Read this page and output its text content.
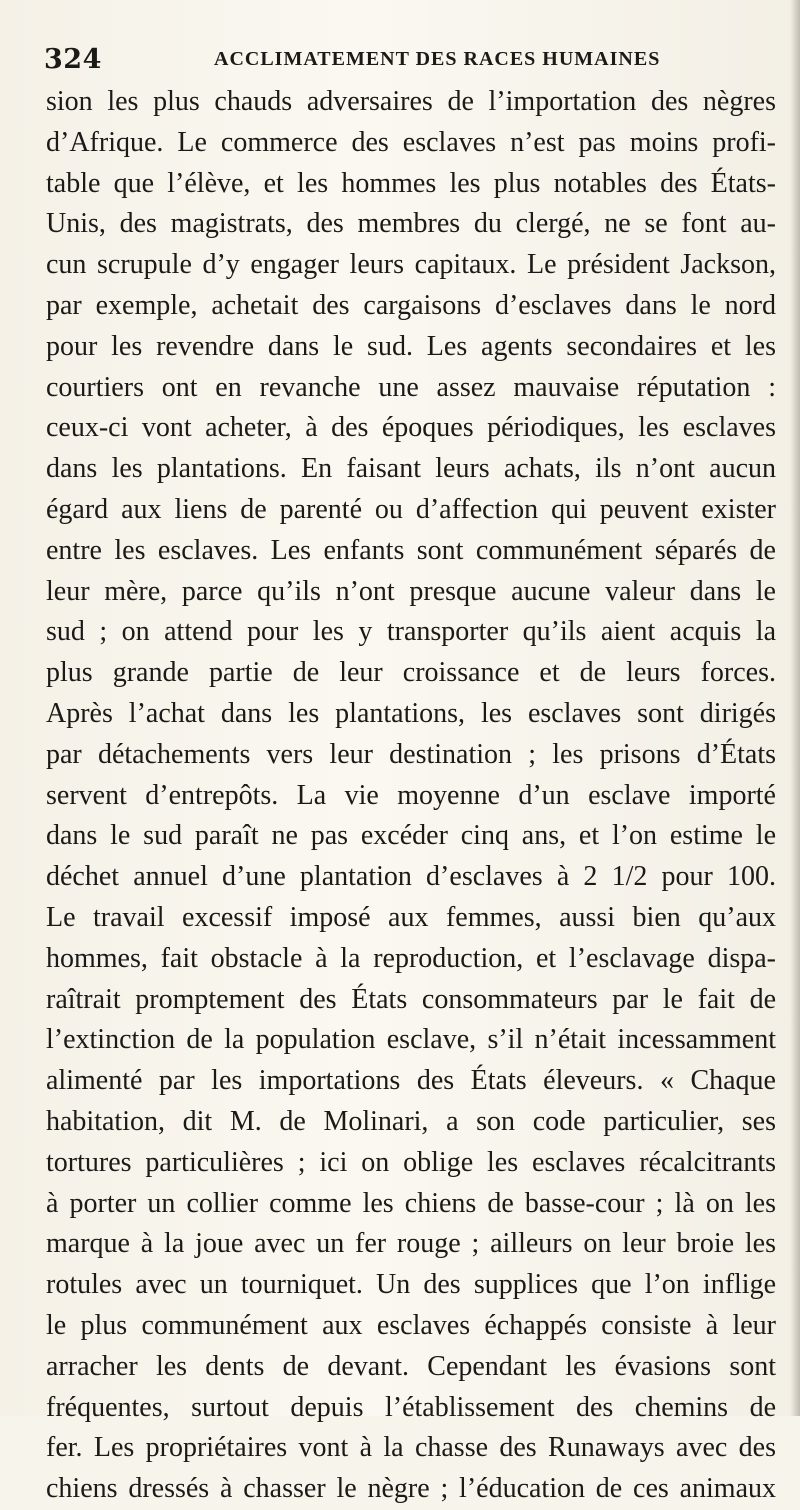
324	ACCLIMATEMENT DES RACES HUMAINES
sion les plus chauds adversaires de l’importation des nègres
d’Afrique. Le commerce des esclaves n’est pas moins profi-
table que l’élève, et les hommes les plus notables des États-
Unis, des magistrats, des membres du clergé, ne se font au-
cun scrupule d’y engager leurs capitaux. Le président Jackson,
par exemple, achetait des cargaisons d’esclaves dans le nord
pour les revendre dans le sud. Les agents secondaires et les
courtiers ont en revanche une assez mauvaise réputation :
ceux-ci vont acheter, à des époques périodiques, les esclaves
dans les plantations. En faisant leurs achats, ils n’ont aucun
égard aux liens de parenté ou d’affection qui peuvent exister
entre les esclaves. Les enfants sont communément séparés de
leur mère, parce qu’ils n’ont presque aucune valeur dans le
sud ; on attend pour les y transporter qu’ils aient acquis la
plus grande partie de leur croissance et de leurs forces.
Après l’achat dans les plantations, les esclaves sont dirigés
par détachements vers leur destination ; les prisons d’États
servent d’entrepôts. La vie moyenne d’un esclave importé
dans le sud paraît ne pas excéder cinq ans, et l’on estime le
déchet annuel d’une plantation d’esclaves à 2 1/2 pour 100.
Le travail excessif imposé aux femmes, aussi bien qu’aux
hommes, fait obstacle à la reproduction, et l’esclavage dispa-
raîtrait promptement des États consommateurs par le fait de
l’extinction de la population esclave, s’il n’était incessamment
alimenté par les importations des États éleveurs. « Chaque
habitation, dit M. de Molinari, a son code particulier, ses
tortures particulières ; ici on oblige les esclaves récalcitrants
à porter un collier comme les chiens de basse-cour ; là on les
marque à la joue avec un fer rouge ; ailleurs on leur broie les
rotules avec un tourniquet. Un des supplices que l’on inflige
le plus communément aux esclaves échappés consiste à leur
arracher les dents de devant. Cependant les évasions sont
fréquentes, surtout depuis l’établissement des chemins de
fer. Les propriétaires vont à la chasse des Runaways avec des
chiens dressés à chasser le nègre ; l’éducation de ces animaux
